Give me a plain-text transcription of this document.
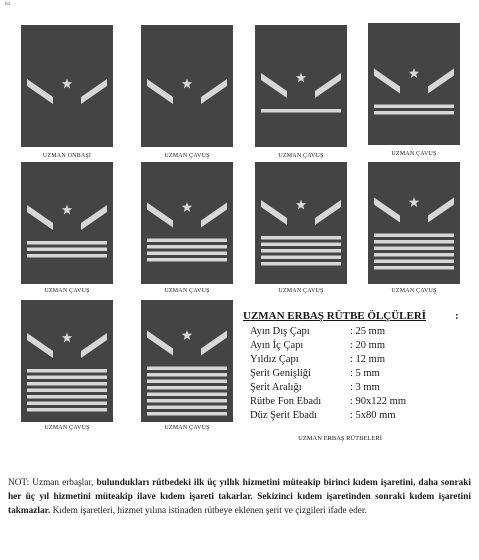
64
UZMAN ONBAŞI	UZMAN ÇAVUŞ	UZMAN ÇAVUŞ	UZMAN ÇAVUŞ
UZMAN ÇAVUŞ	UZMAN ÇAVUŞ	UZMAN ÇAVUŞ	UZMAN ÇAVUŞ
UZMAN ÇAVUŞ	UZMAN ÇAVUŞ
UZMAN ERBAŞ RÜTBE ÖLÇÜLERİ	:
Ayın Dış Çapı	: 25 mm
Ayın İç Çapı	: 20 mm
Yıldız Çapı	: 12 mm
Şerit Genişliği	: 5 mm
Şerit Aralığı	: 3 mm
Rütbe Fon Ebadı	: 90x122 mm
Düz Şerit Ebadı	: 5x80 mm
UZMAN ERBAŞ RÜTBELERİ
NOT: Uzman erbaşlar, bulundukları rütbedeki ilk üç yıllık hizmetini müteakip birinci kıdem işaretini, daha sonraki her üç yıl hizmetini müteakip ilave kıdem işareti takarlar. Sekizinci kıdem işaretinden sonraki kıdem işaretini takmazlar. Kıdem işaretleri, hizmet yılına istinaden rütbeye eklenen şerit ve çizgileri ifade eder.
